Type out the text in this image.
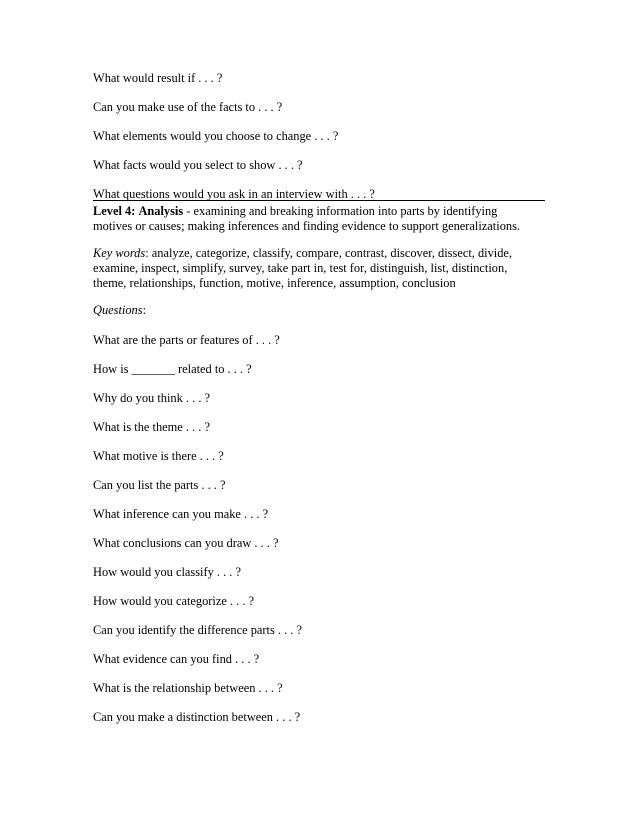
What would result if . . . ?

Can you make use of the facts to . . . ?

What elements would you choose to change . . . ?

What facts would you select to show . . . ?

What questions would you ask in an interview with . . . ?

Level 4: Analysis - examining and breaking information into parts by identifying
motives or causes; making inferences and finding evidence to support generalizations.
Key words: analyze, categorize, classify, compare, contrast, discover, dissect, divide,
examine, inspect, simplify, survey, take part in, test for, distinguish, list, distinction,
theme, relationships, function, motive, inference, assumption, conclusion
Questions:

What are the parts or features of . . . ?

How is _______ related to . . . ?

Why do you think . . . ?

What is the theme . . . ?

What motive is there . . . ?

Can you list the parts . . . ?

What inference can you make . . . ?

What conclusions can you draw . . . ?

How would you classify . . . ?

How would you categorize . . . ?

Can you identify the difference parts . . . ?

What evidence can you find . . . ?

What is the relationship between . . . ?

Can you make a distinction between . . . ?
